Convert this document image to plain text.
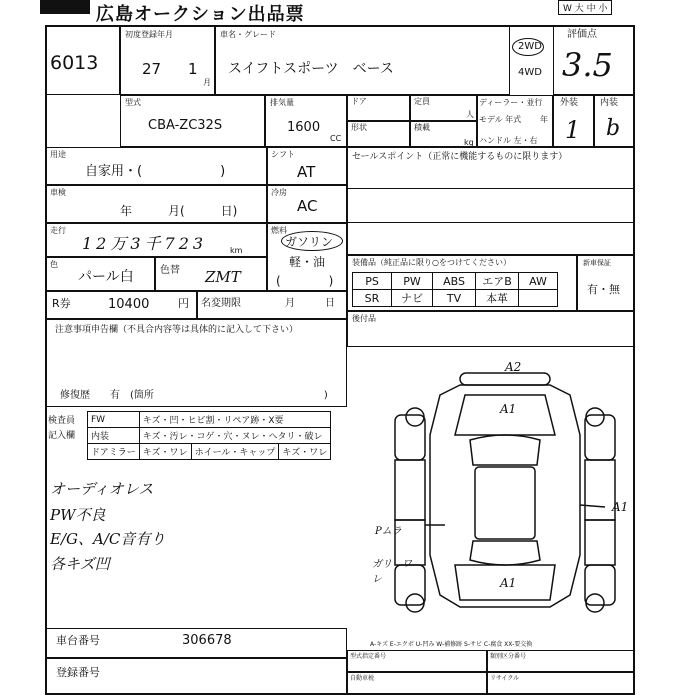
広島オークション出品票	W 大 中 小
6013
初度登録年月
27 1
月
車名・グレード
スイフトスポーツ　ベース
2WD
4WD
評価点
3.5
型式
CBA-ZC32S
排気量
1600
CC
ドア	定員
人
形状	積載
kg
ディーラー・並行
モデル 年式 年
ハンドル 左・右
外装
1
内装
b
用途
自家用・(　　　　　　)
シフト
AT
車検
年　　　月(　　　日)
冷房
AC
走行
12万3千723	km
燃料
ガソリン
軽・油
(　　　　)
色
パール白	色替 ZMT
R券	10400	円 名変期限	月　　　日
セールスポイント（正常に機能するものに限ります）
装備品（純正品に限り○をつけてください）
PS	PW	ABS	エアB	AW
SR	ナビ	TV	本革	
新車保証
有・無
後付品
注意事項申告欄（不具合内容等は具体的に記入して下さい）
修復歴　　有　(箇所　　　　　　　　　　　　　　　　　)
検査員
記入欄
FW	キズ・凹・ヒビ割・リペア跡・X要		
内装	キズ・汚レ・コゲ・穴・ヌレ・ヘタリ・破レ		
ドアミラー	キズ・ワレ	ホイール・キャップ	キズ・ワレ
オーディオレス
PW不良
E/G、A/C音有り
各キズ凹
A2
A1
A1
A1
Pムラ
ガリ　ワレ
車台番号	306678
登録番号
A-キズ E-エクボ U-凹み W-補修跡 S-サビ C-腐食 XX-要交換
型式指定番号	類別区分番号
自動車税	リサイクル
